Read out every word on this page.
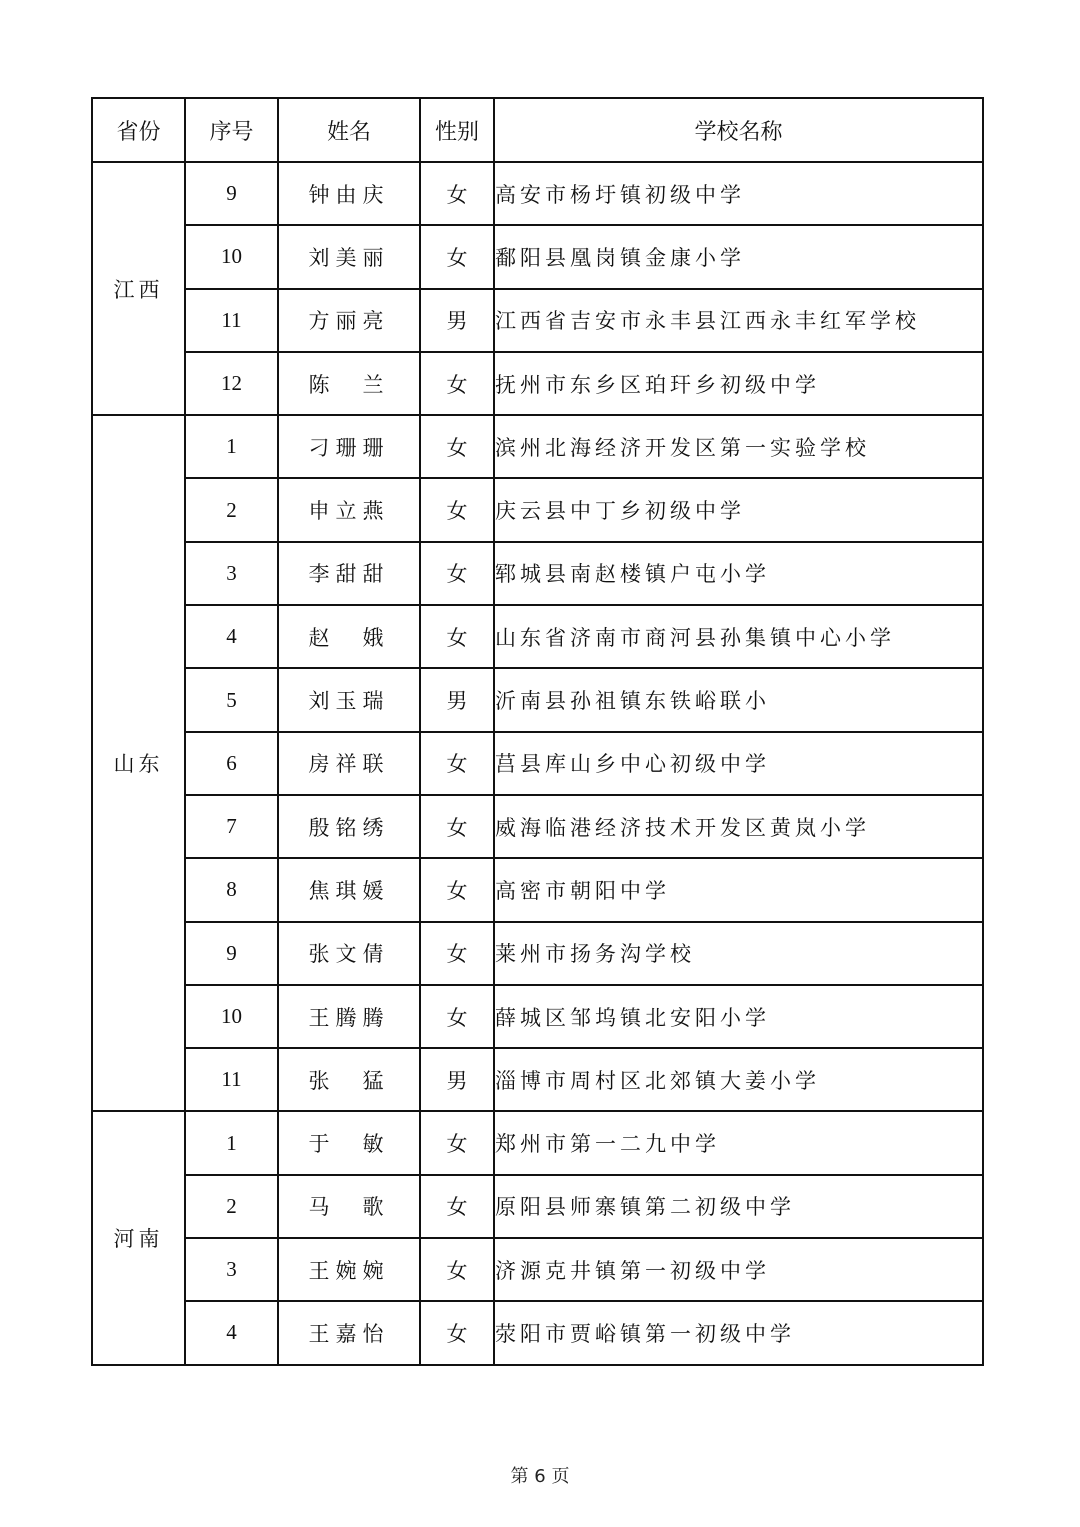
省份	序号	姓名	性别	学校名称
江西	9	钟由庆	女	高安市杨圩镇初级中学
	10	刘美丽	女	鄱阳县凰岗镇金康小学
	11	方丽亮	男	江西省吉安市永丰县江西永丰红军学校
	12	陈　兰	女	抚州市东乡区珀玕乡初级中学
山东	1	刁珊珊	女	滨州北海经济开发区第一实验学校
	2	申立燕	女	庆云县中丁乡初级中学
	3	李甜甜	女	郓城县南赵楼镇户屯小学
	4	赵　娥	女	山东省济南市商河县孙集镇中心小学
	5	刘玉瑞	男	沂南县孙祖镇东铁峪联小
	6	房祥联	女	莒县库山乡中心初级中学
	7	殷铭绣	女	威海临港经济技术开发区黄岚小学
	8	焦琪媛	女	高密市朝阳中学
	9	张文倩	女	莱州市扬务沟学校
	10	王腾腾	女	薛城区邹坞镇北安阳小学
	11	张　猛	男	淄博市周村区北郊镇大姜小学
河南	1	于　敏	女	郑州市第一二九中学
	2	马　歌	女	原阳县师寨镇第二初级中学
	3	王婉婉	女	济源克井镇第一初级中学
	4	王嘉怡	女	荥阳市贾峪镇第一初级中学
第 6 页
